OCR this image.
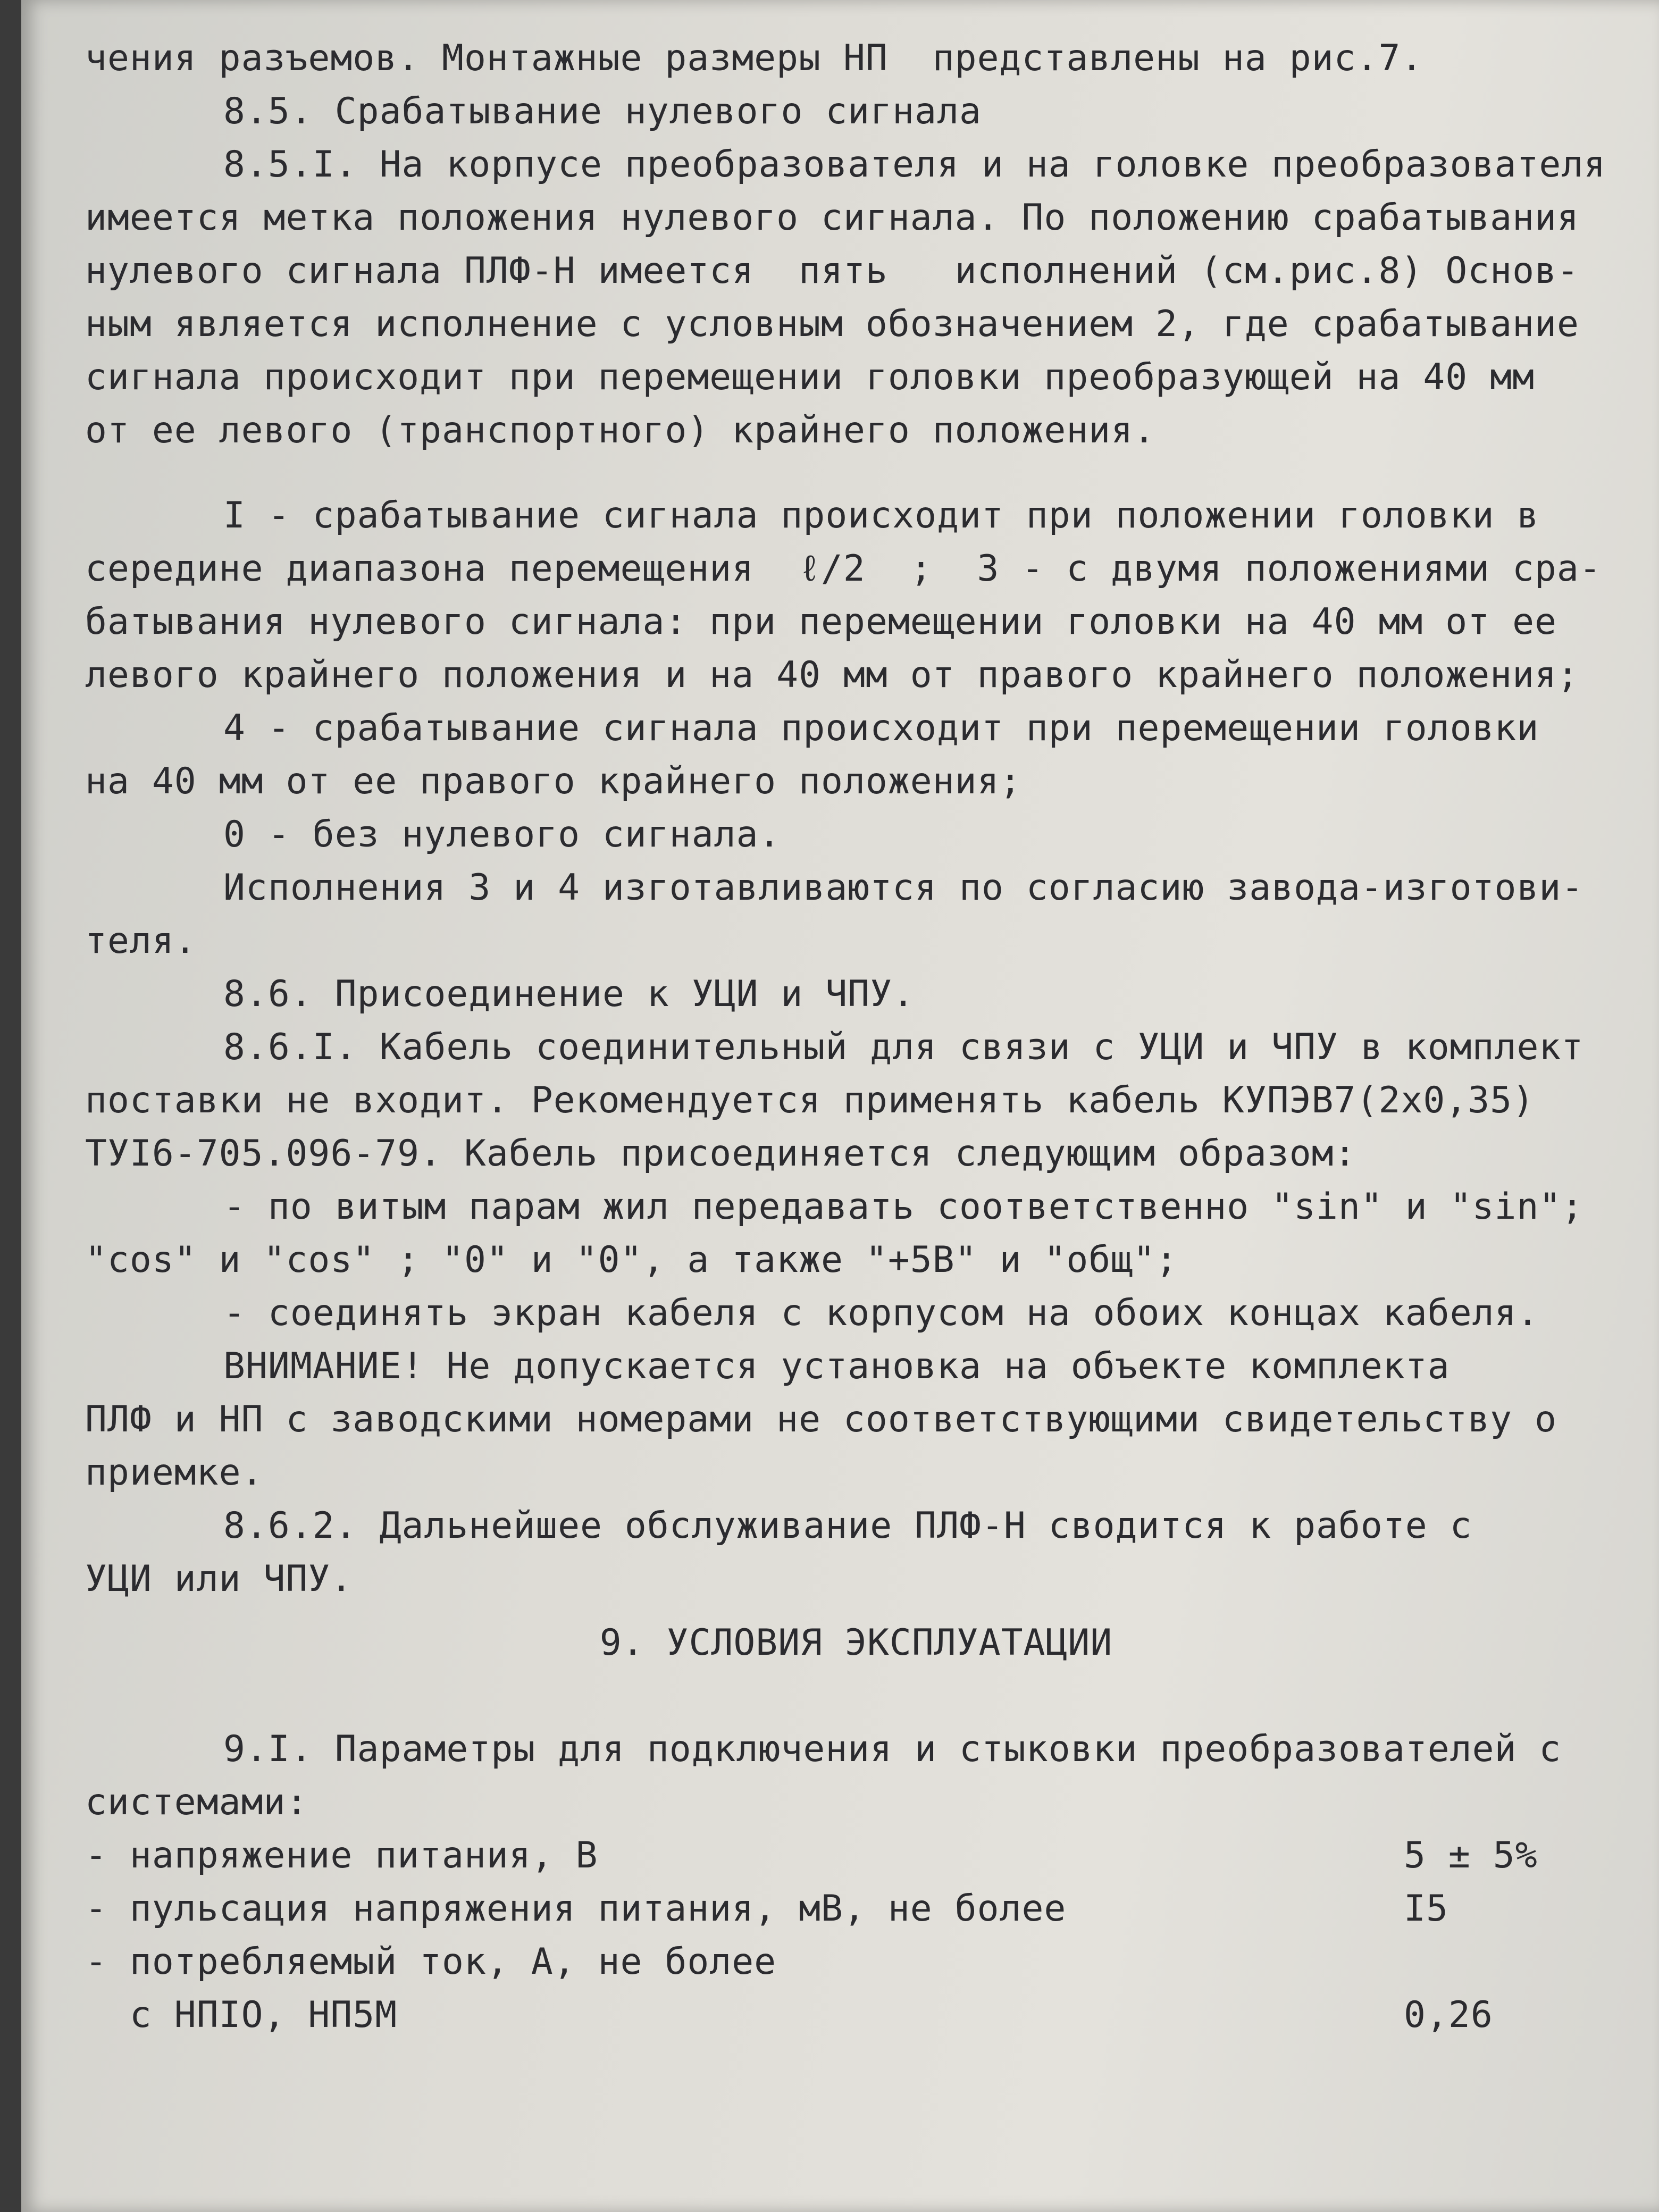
чения разъемов. Монтажные размеры НП  представлены на рис.7.

8.5. Срабатывание нулевого сигнала

8.5.I. На корпусе преобразователя и на головке преобразователя

имеется метка положения нулевого сигнала. По положению срабатывания

нулевого сигнала ПЛФ-Н имеется  пять   исполнений (см.рис.8) Основ-

ным является исполнение с условным обозначением 2, где срабатывание

сигнала происходит при перемещении головки преобразующей на 40 мм

от ее левого (транспортного) крайнего положения.

I - срабатывание сигнала происходит при положении головки в

середине диапазона перемещения  ℓ/2  ;  3 - с двумя положениями сра-

батывания нулевого сигнала: при перемещении головки на 40 мм от ее

левого крайнего положения и на 40 мм от правого крайнего положения;

4 - срабатывание сигнала происходит при перемещении головки

на 40 мм от ее правого крайнего положения;

0 - без нулевого сигнала.

Исполнения 3 и 4 изготавливаются по согласию завода-изготови-

теля.

8.6. Присоединение к УЦИ и ЧПУ.

8.6.I. Кабель соединительный для связи с УЦИ и ЧПУ в комплект

поставки не входит. Рекомендуется применять кабель КУПЭВ7(2х0,35)

ТУI6-705.096-79. Кабель присоединяется следующим образом:

- по витым парам жил передавать соответственно "sin" и "sin";

"cos" и "cos" ; "0" и "0", а также "+5В" и "общ";

- соединять экран кабеля с корпусом на обоих концах кабеля.

ВНИМАНИЕ! Не допускается установка на объекте комплекта

ПЛФ и НП с заводскими номерами не соответствующими свидетельству о

приемке.

8.6.2. Дальнейшее обслуживание ПЛФ-Н сводится к работе с

УЦИ или ЧПУ.

9. УСЛОВИЯ ЭКСПЛУАТАЦИИ

9.I. Параметры для подключения и стыковки преобразователей с

системами:

- напряжение питания, В	5 ± 5%
- пульсация напряжения питания, мВ, не более	I5
- потребляемый ток, А, не более
с НПIО, НП5М	0,26
